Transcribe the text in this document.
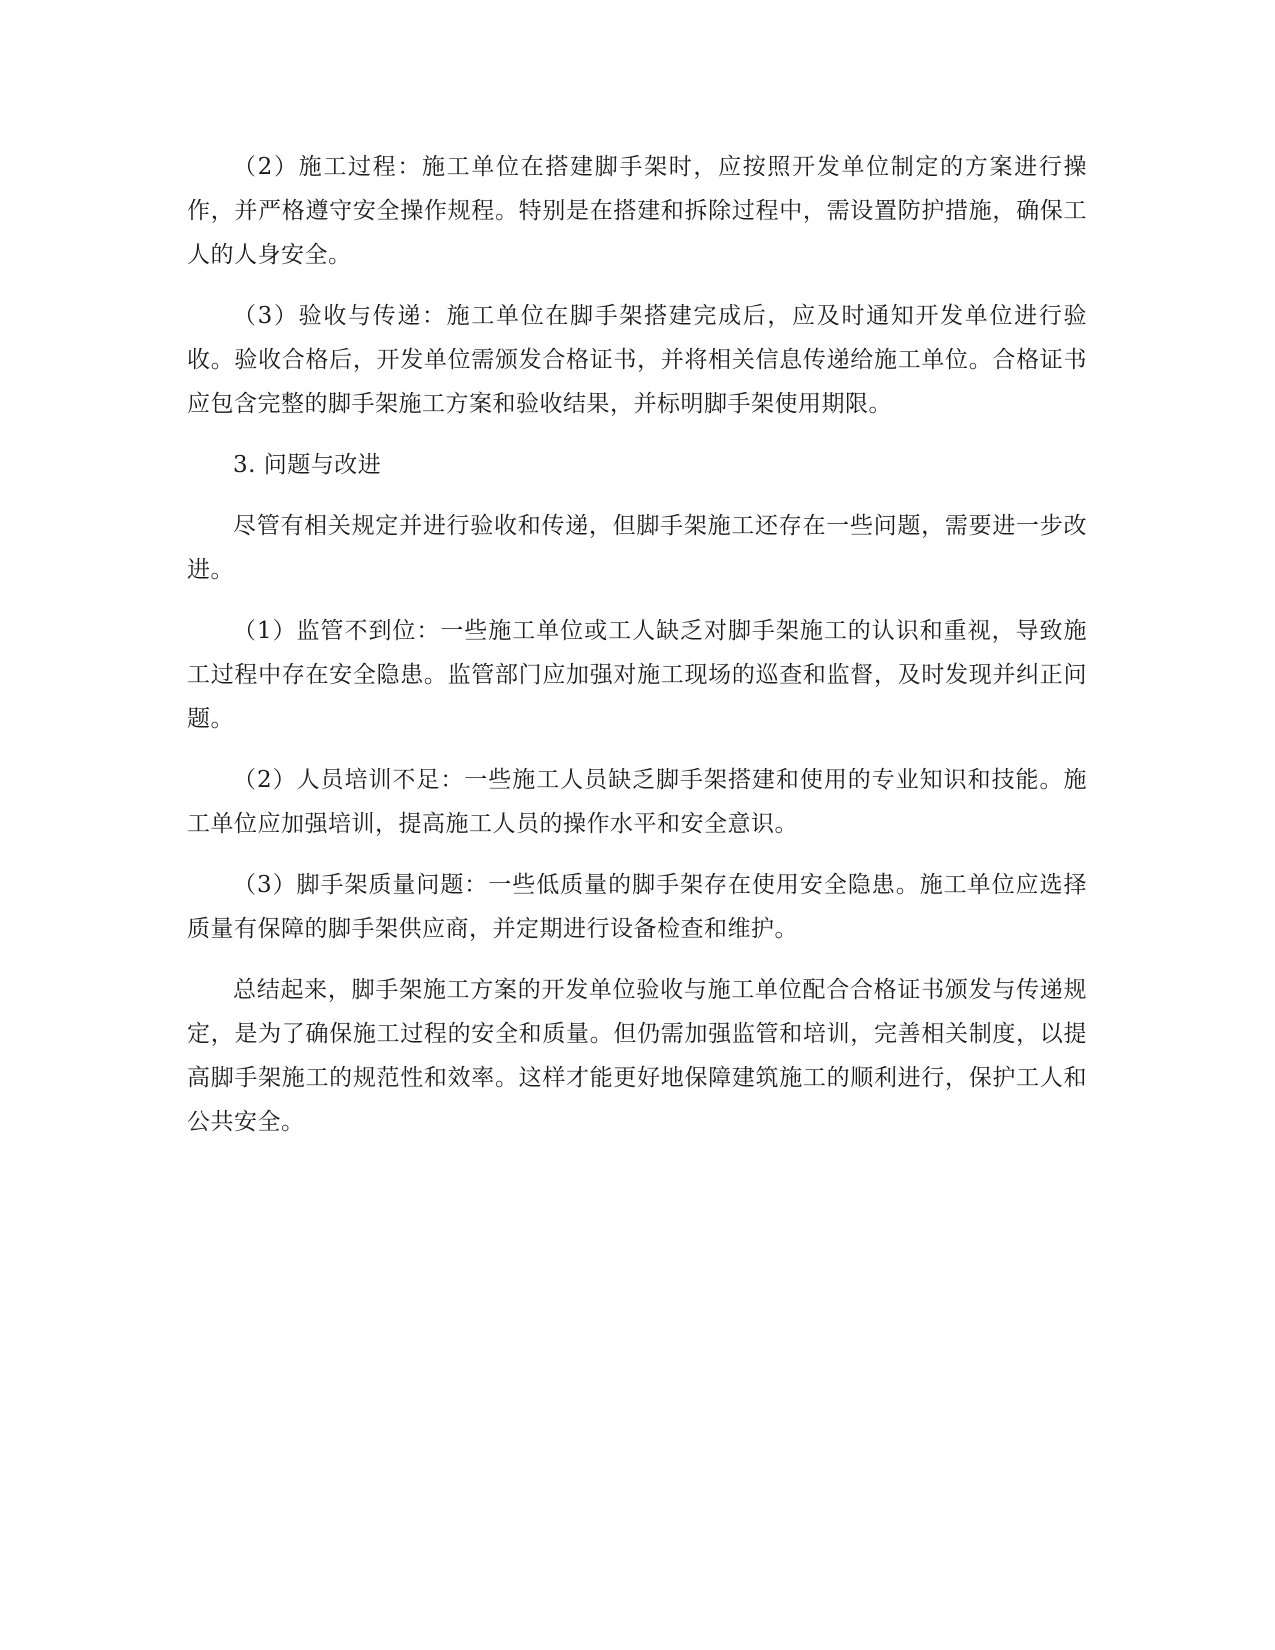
（2）施工过程：施工单位在搭建脚手架时，应按照开发单位制定的方案进行操作，并严格遵守安全操作规程。特别是在搭建和拆除过程中，需设置防护措施，确保工人的人身安全。

（3）验收与传递：施工单位在脚手架搭建完成后，应及时通知开发单位进行验收。验收合格后，开发单位需颁发合格证书，并将相关信息传递给施工单位。合格证书应包含完整的脚手架施工方案和验收结果，并标明脚手架使用期限。

3. 问题与改进

尽管有相关规定并进行验收和传递，但脚手架施工还存在一些问题，需要进一步改进。

（1）监管不到位：一些施工单位或工人缺乏对脚手架施工的认识和重视，导致施工过程中存在安全隐患。监管部门应加强对施工现场的巡查和监督，及时发现并纠正问题。

（2）人员培训不足：一些施工人员缺乏脚手架搭建和使用的专业知识和技能。施工单位应加强培训，提高施工人员的操作水平和安全意识。

（3）脚手架质量问题：一些低质量的脚手架存在使用安全隐患。施工单位应选择质量有保障的脚手架供应商，并定期进行设备检查和维护。

总结起来，脚手架施工方案的开发单位验收与施工单位配合合格证书颁发与传递规定，是为了确保施工过程的安全和质量。但仍需加强监管和培训，完善相关制度，以提高脚手架施工的规范性和效率。这样才能更好地保障建筑施工的顺利进行，保护工人和公共安全。
